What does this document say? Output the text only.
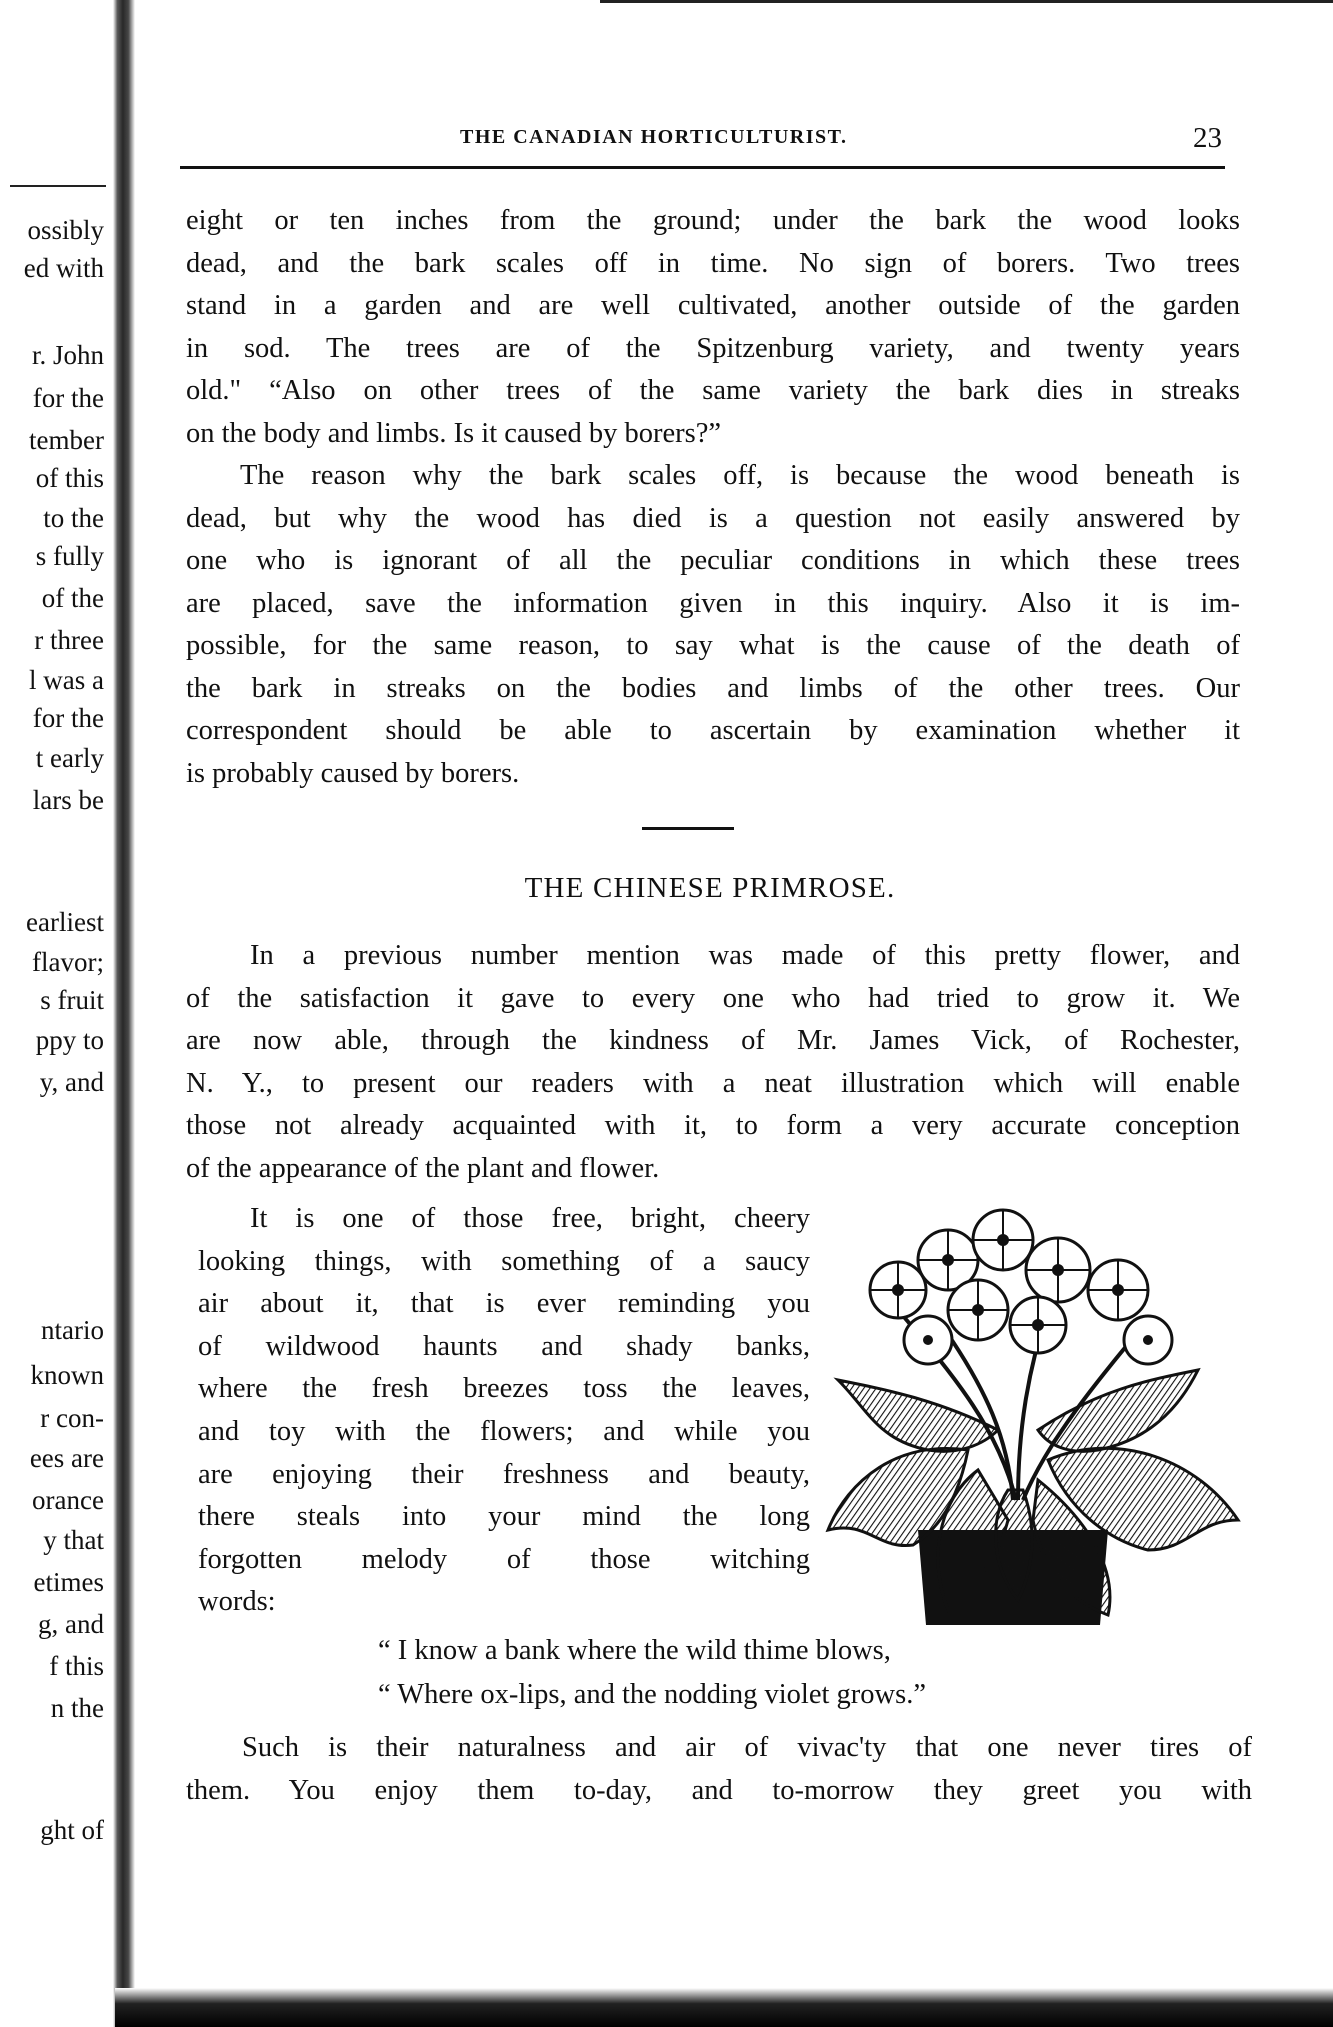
ossibly
ed with
r. John
for the
tember
of this
to the
s fully
of the
r three
l was a
for the
t early
lars be
earliest
flavor;
s fruit
ppy to
y, and
ntario
known
r con-
ees are
orance
y that
etimes
g, and
f this
n the
ght of
THE CANADIAN HORTICULTURIST.	23

eight or ten inches from the ground; under the bark the wood looks
dead, and the bark scales off in time. No sign of borers. Two trees
stand in a garden and are well cultivated, another outside of the garden
in sod. The trees are of the Spitzenburg variety, and twenty years
old." “Also on other trees of the same variety the bark dies in streaks

on the body and limbs. Is it caused by borers?”

The reason why the bark scales off, is because the wood beneath is
dead, but why the wood has died is a question not easily answered by
one who is ignorant of all the peculiar conditions in which these trees
are placed, save the information given in this inquiry. Also it is im-
possible, for the same reason, to say what is the cause of the death of
the bark in streaks on the bodies and limbs of the other trees. Our
correspondent should be able to ascertain by examination whether it

is probably caused by borers.

THE CHINESE PRIMROSE.

In a previous number mention was made of this pretty flower, and
of the satisfaction it gave to every one who had tried to grow it. We
are now able, through the kindness of Mr. James Vick, of Rochester,
N. Y., to present our readers with a neat illustration which will enable
those not already acquainted with it, to form a very accurate conception

of the appearance of the plant and flower.

It is one of those free, bright, cheery
looking things, with something of a saucy
air about it, that is ever reminding you
of wildwood haunts and shady banks,
where the fresh breezes toss the leaves,
and toy with the flowers; and while you
are enjoying their freshness and beauty,
there steals into your mind the long
forgotten melody of those witching
words:
“ I know a bank where the wild thime blows,
“ Where ox-lips, and the nodding violet grows.”

Such is their naturalness and air of vivac'ty that one never tires of
them. You enjoy them to-day, and to-morrow they greet you with
